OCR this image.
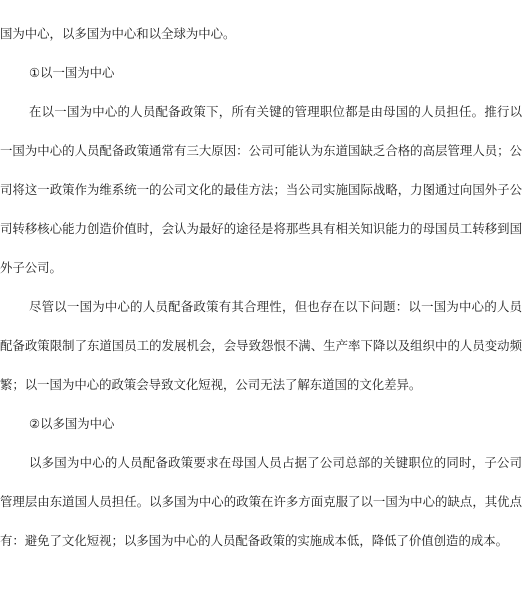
国为中心，以多国为中心和以全球为中心。

①以一国为中心

在以一国为中心的人员配备政策下，所有关键的管理职位都是由母国的人员担任。推行以一国为中心的人员配备政策通常有三大原因：公司可能认为东道国缺乏合格的高层管理人员；公司将这一政策作为维系统一的公司文化的最佳方法；当公司实施国际战略，力图通过向国外子公司转移核心能力创造价值时，会认为最好的途径是将那些具有相关知识能力的母国员工转移到国外子公司。

尽管以一国为中心的人员配备政策有其合理性，但也存在以下问题：以一国为中心的人员配备政策限制了东道国员工的发展机会，会导致怨恨不满、生产率下降以及组织中的人员变动频繁；以一国为中心的政策会导致文化短视，公司无法了解东道国的文化差异。

②以多国为中心

以多国为中心的人员配备政策要求在母国人员占据了公司总部的关键职位的同时，子公司管理层由东道国人员担任。以多国为中心的政策在许多方面克服了以一国为中心的缺点，其优点有：避免了文化短视；以多国为中心的人员配备政策的实施成本低，降低了价值创造的成本。
